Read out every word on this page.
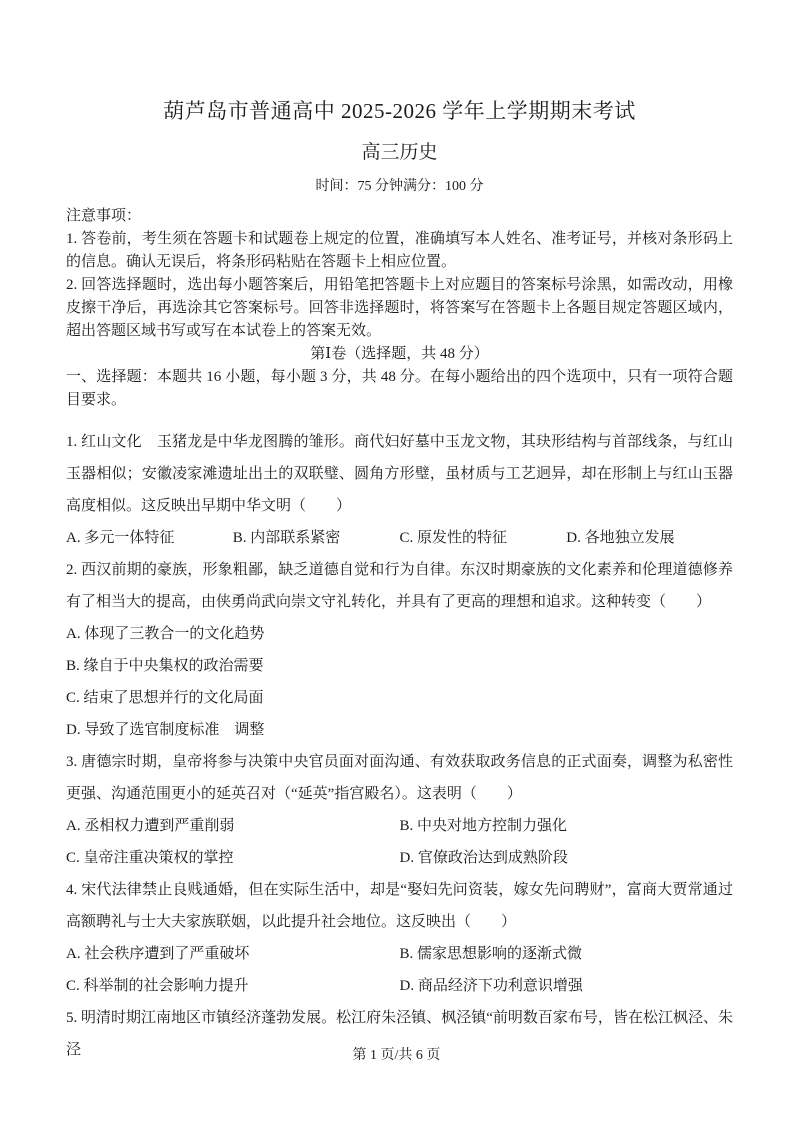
葫芦岛市普通高中 2025-2026 学年上学期期末考试
高三历史
时间：75 分钟满分：100 分
注意事项：
1. 答卷前，考生须在答题卡和试题卷上规定的位置，准确填写本人姓名、准考证号，并核对条形码上的信息。确认无误后，将条形码粘贴在答题卡上相应位置。
2. 回答选择题时，选出每小题答案后，用铅笔把答题卡上对应题目的答案标号涂黑，如需改动，用橡皮擦干净后，再选涂其它答案标号。回答非选择题时，将答案写在答题卡上各题目规定答题区域内，超出答题区域书写或写在本试卷上的答案无效。
第Ⅰ卷（选择题，共 48 分）
一、选择题：本题共 16 小题，每小题 3 分，共 48 分。在每小题给出的四个选项中，只有一项符合题目要求。
1. 红山文化　玉猪龙是中华龙图腾的雏形。商代妇好墓中玉龙文物，其玦形结构与首部线条，与红山玉器相似；安徽凌家滩遗址出土的双联璧、圆角方形璧，虽材质与工艺迥异，却在形制上与红山玉器高度相似。这反映出早期中华文明（　　）
A. 多元一体特征	B. 内部联系紧密	C. 原发性的特征	D. 各地独立发展
2. 西汉前期的豪族，形象粗鄙，缺乏道德自觉和行为自律。东汉时期豪族的文化素养和伦理道德修养有了相当大的提高，由侠勇尚武向崇文守礼转化，并具有了更高的理想和追求。这种转变（　　）
A. 体现了三教合一的文化趋势
B. 缘自于中央集权的政治需要
C. 结束了思想并行的文化局面
D. 导致了选官制度标准　调整
3. 唐德宗时期，皇帝将参与决策中央官员面对面沟通、有效获取政务信息的正式面奏，调整为私密性更强、沟通范围更小的延英召对（“延英”指宫殿名）。这表明（　　）
A. 丞相权力遭到严重削弱	B. 中央对地方控制力强化
C. 皇帝注重决策权的掌控	D. 官僚政治达到成熟阶段
4. 宋代法律禁止良贱通婚，但在实际生活中，却是“娶妇先问资装，嫁女先问聘财”，富商大贾常通过高额聘礼与士大夫家族联姻，以此提升社会地位。这反映出（　　）
A. 社会秩序遭到了严重破坏	B. 儒家思想影响的逐渐式微
C. 科举制的社会影响力提升	D. 商品经济下功利意识增强
5. 明清时期江南地区市镇经济蓬勃发展。松江府朱泾镇、枫泾镇“前明数百家布号，皆在松江枫泾、朱泾	第 1 页/共 6 页
